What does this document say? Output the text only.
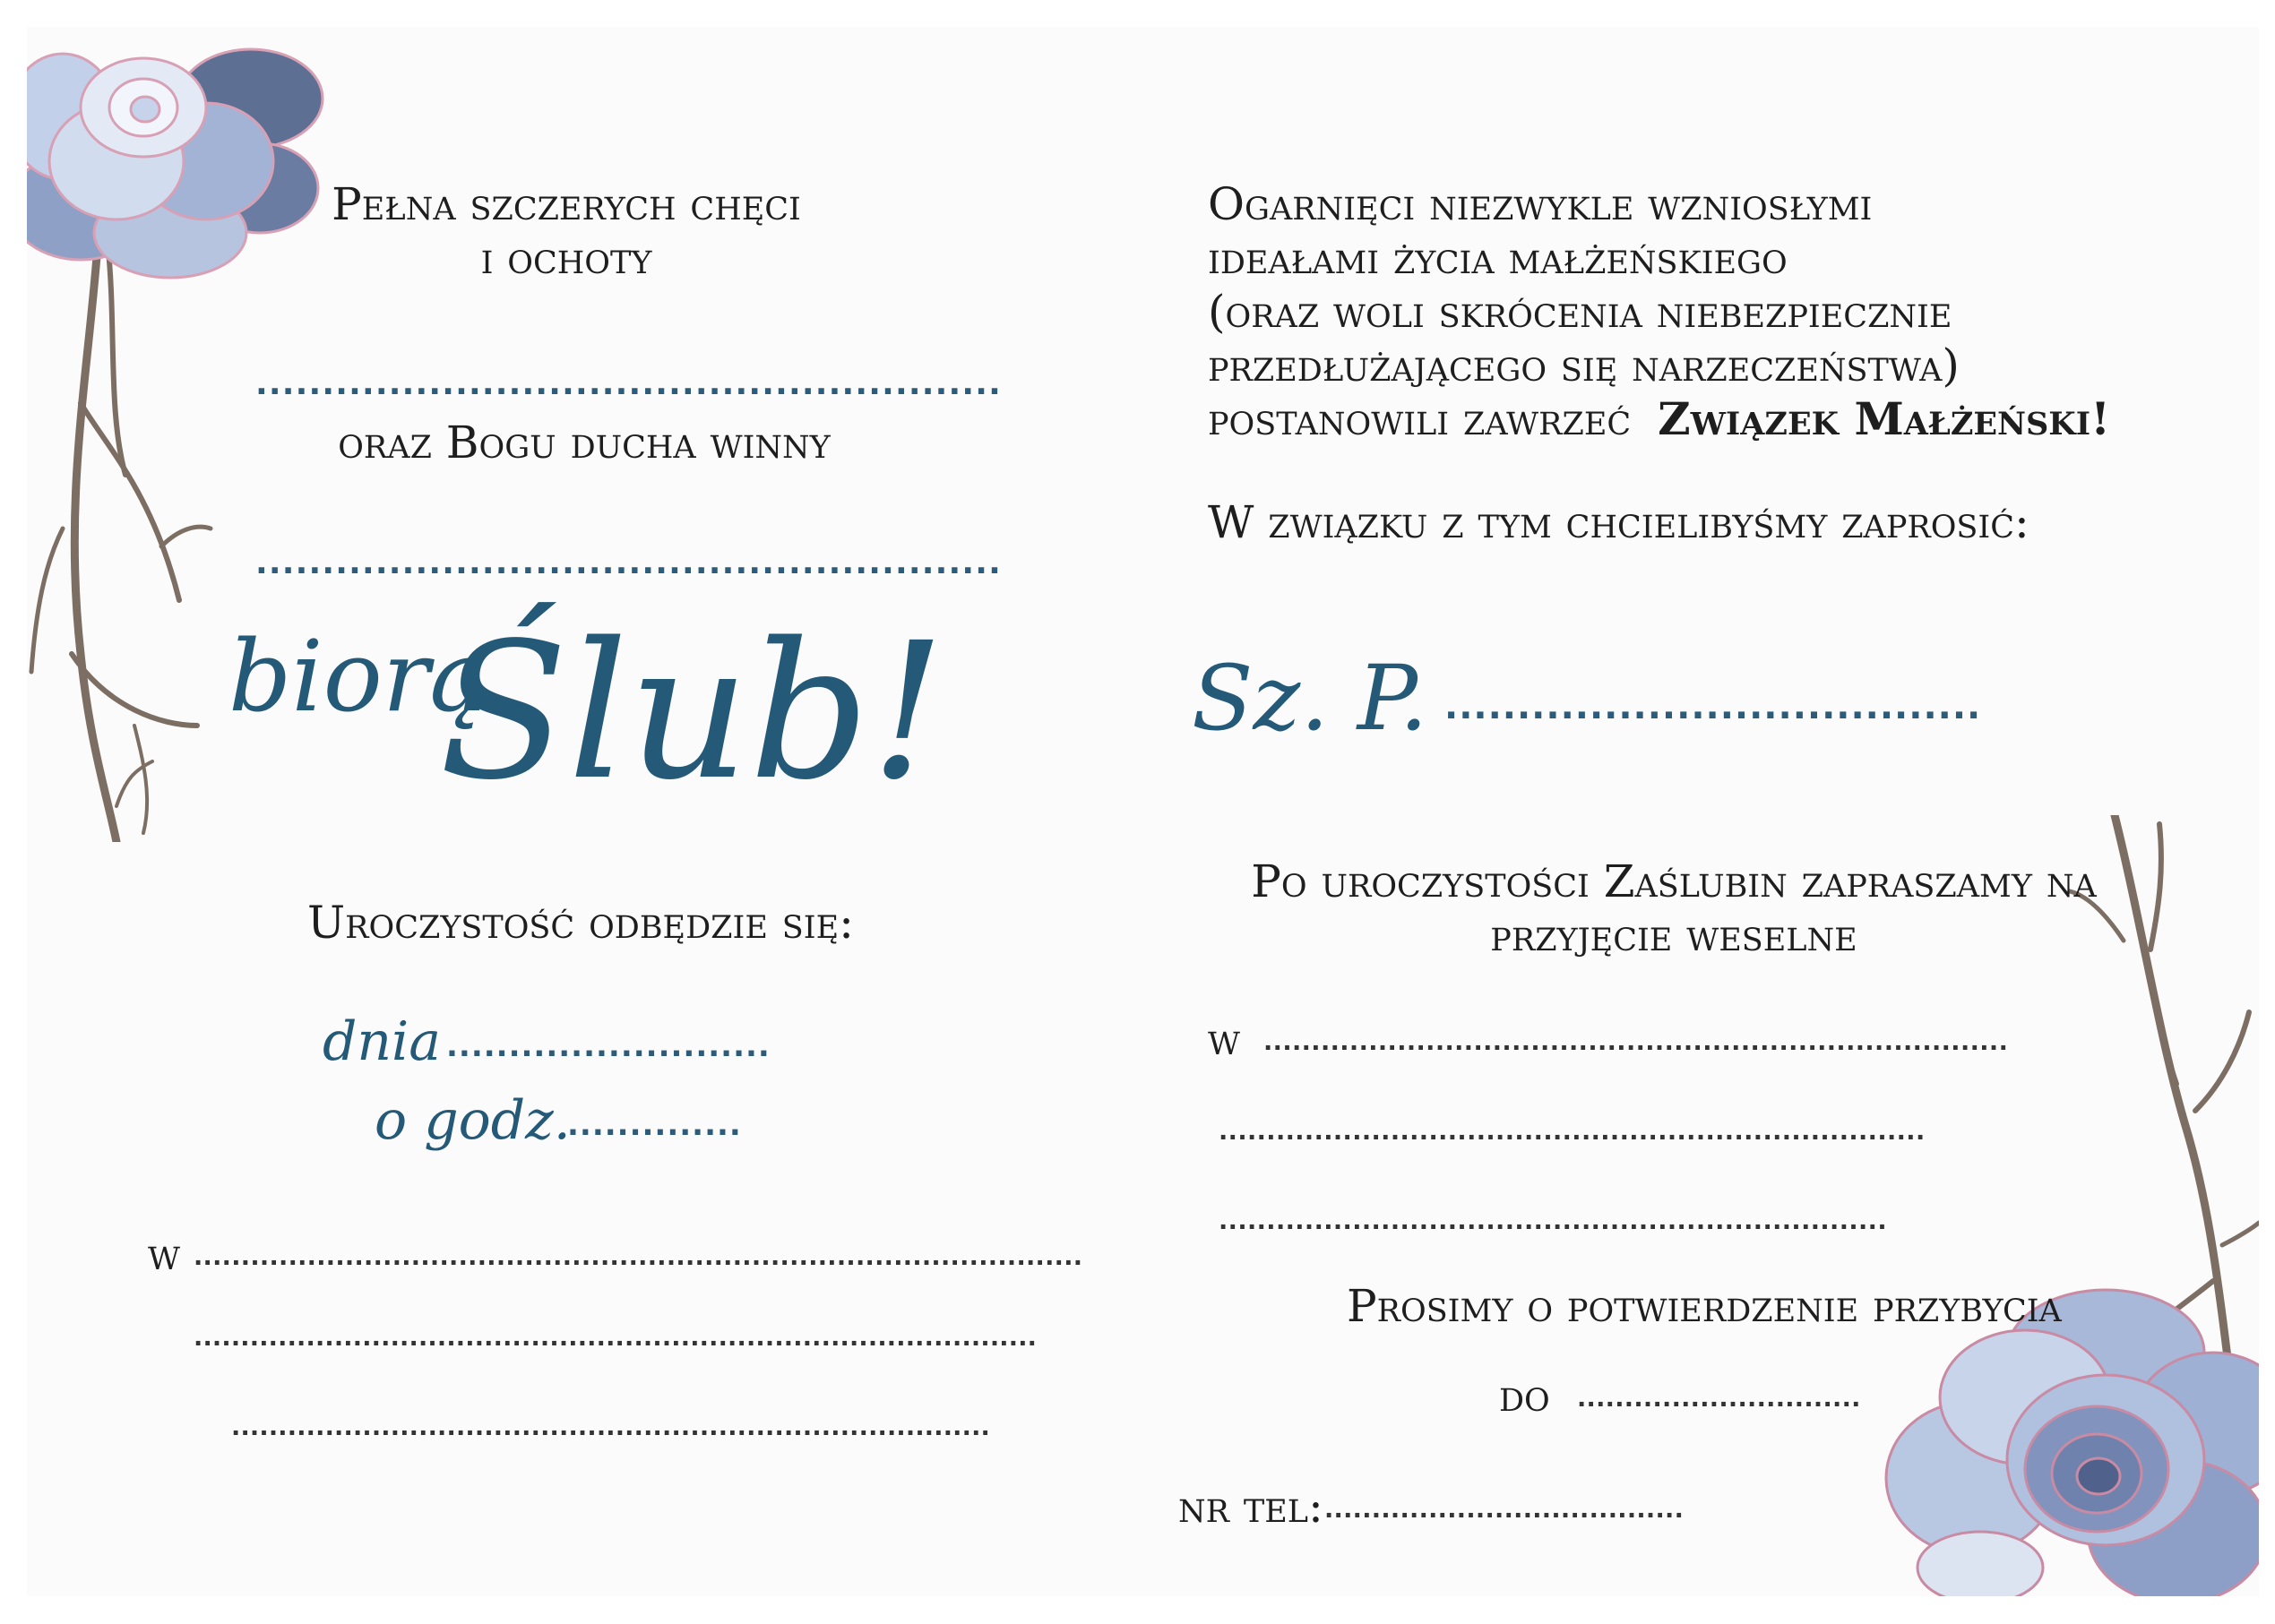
Pełna szczerych chęci
i ochoty
........................................................
oraz Bogu ducha winny
........................................................
biorą
Ślub!
Uroczystość odbędzie się:
dnia ..........................
o godz.
..............
w ..............................................................................................
..........................................................................................
.................................................................................
Ogarnięci niezwykle wzniosłymi
ideałami życia małżeńskiego
(oraz woli skrócenia niebezpiecznie
przedłużającego się narzeczeństwa)
postanowili zawrzeć Związek Małżeński!
W związku z tym chcielibyśmy zaprosić:
Sz. P. .....................................
Po uroczystości Zaślubin zapraszamy na
przyjęcie weselne
w ..............................................................................
..........................................................................
......................................................................
Prosimy o potwierdzenie przybycia
do ..............................
nr tel: ......................................
